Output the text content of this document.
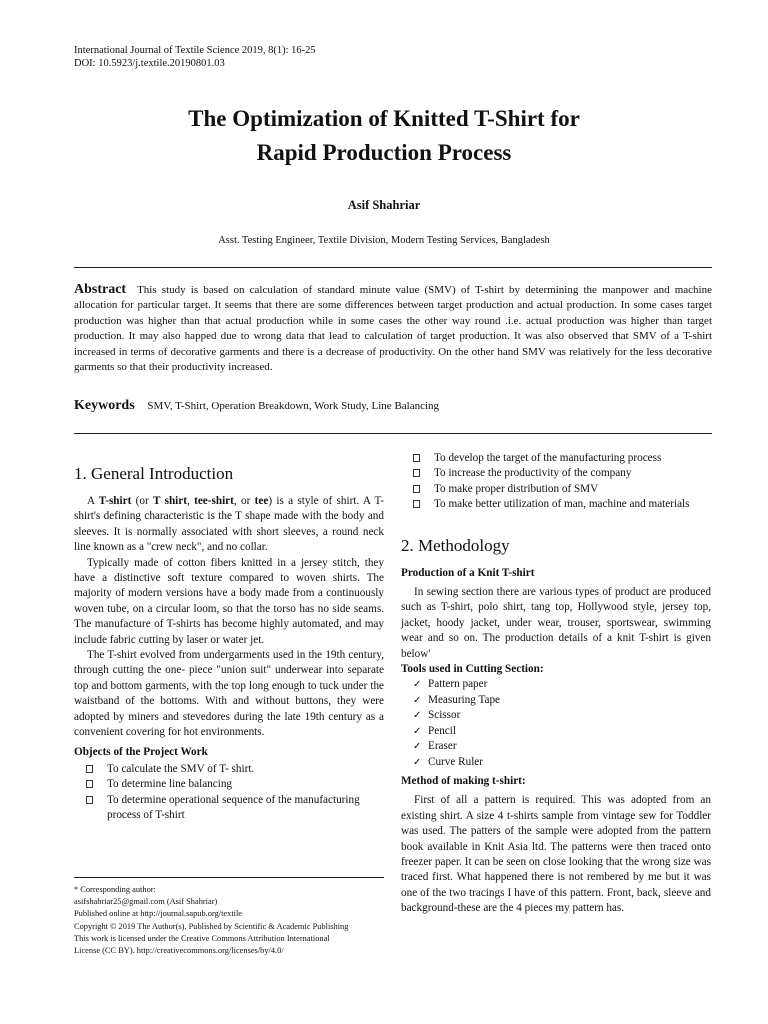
International Journal of Textile Science 2019, 8(1): 16-25
DOI: 10.5923/j.textile.20190801.03
The Optimization of Knitted T-Shirt for
Rapid Production Process
Asif Shahriar
Asst. Testing Engineer, Textile Division, Modern Testing Services, Bangladesh
Abstract This study is based on calculation of standard minute value (SMV) of T-shirt by determining the manpower and machine allocation for particular target. It seems that there are some differences between target production and actual production. In some cases target production was higher than that actual production while in some cases the other way round .i.e. actual production was higher than target production. It may also happed due to wrong data that lead to calculation of target production. It was also observed that SMV of a T-shirt increased in terms of decorative garments and there is a decrease of productivity. On the other hand SMV was relatively for the less decorative garments so that their productivity increased.
Keywords SMV, T-Shirt, Operation Breakdown, Work Study, Line Balancing
1. General Introduction

A T-shirt (or T shirt, tee-shirt, or tee) is a style of shirt. A T-shirt's defining characteristic is the T shape made with the body and sleeves. It is normally associated with short sleeves, a round neck line known as a "crew neck", and no collar.

Typically made of cotton fibers knitted in a jersey stitch, they have a distinctive soft texture compared to woven shirts. The majority of modern versions have a body made from a continuously woven tube, on a circular loom, so that the torso has no side seams. The manufacture of T-shirts has become highly automated, and may include fabric cutting by laser or water jet.

The T-shirt evolved from undergarments used in the 19th century, through cutting the one- piece "union suit" underwear into separate top and bottom garments, with the top long enough to tuck under the waistband of the bottoms. With and without buttons, they were adopted by miners and stevedores during the late 19th century as a convenient covering for hot environments.

Objects of the Project Work
To calculate the SMV of T- shirt.
To determine line balancing
To determine operational sequence of the manufacturing process of T-shirt
* Corresponding author:
asifshahriar25@gmail.com (Asif Shahriar)
Published online at http://journal.sapub.org/textile
Copyright © 2019 The Author(s). Published by Scientific & Academic Publishing
This work is licensed under the Creative Commons Attribution International
License (CC BY). http://creativecommons.org/licenses/by/4.0/
To develop the target of the manufacturing process
To increase the productivity of the company
To make proper distribution of SMV
To make better utilization of man, machine and materials
2. Methodology
Production of a Knit T-shirt

In sewing section there are various types of product are produced such as T-shirt, polo shirt, tang top, Hollywood style, jersey top, jacket, hoody jacket, under wear, trouser, sportswear, swimming wear and so on. The production details of a knit T-shirt is given below'

Tools used in Cutting Section:
✓ Pattern paper
✓ Measuring Tape
✓ Scissor
✓ Pencil
✓ Eraser
✓ Curve Ruler
Method of making t-shirt:

First of all a pattern is required. This was adopted from an existing shirt. A size 4 t-shirts sample from vintage sew for Toddler was used. The patters of the sample were adopted from the pattern book available in Knit Asia ltd. The patterns were then traced onto freezer paper. It can be seen on close looking that the wrong size was traced first. What happened there is not rembered by me but it was one of the two tracings I have of this pattern. Front, back, sleeve and background-these are the 4 pieces my pattern has.
